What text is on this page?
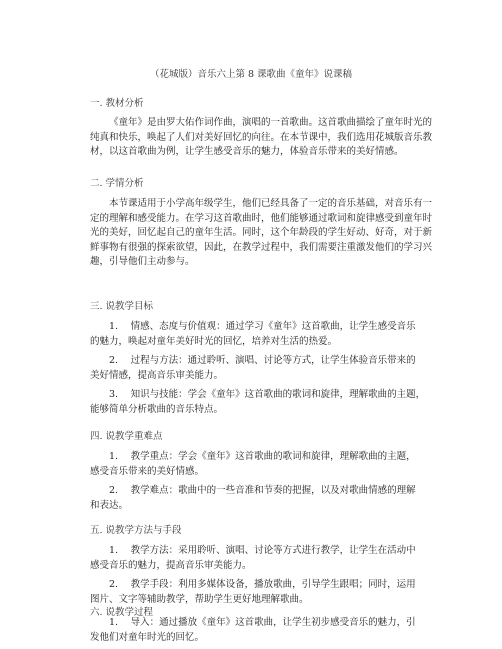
（花城版）音乐六上第 8 课歌曲《童年》说课稿
一. 教材分析
《童年》是由罗大佑作词作曲，演唱的一首歌曲。这首歌曲描绘了童年时光的
纯真和快乐，唤起了人们对美好回忆的向往。在本节课中，我们选用花城版音乐教
材，以这首歌曲为例，让学生感受音乐的魅力，体验音乐带来的美好情感。
二. 学情分析
本节课适用于小学高年级学生，他们已经具备了一定的音乐基础，对音乐有一
定的理解和感受能力。在学习这首歌曲时，他们能够通过歌词和旋律感受到童年时
光的美好，回忆起自己的童年生活。同时，这个年龄段的学生好动、好奇，对于新
鲜事物有很强的探索欲望，因此，在教学过程中，我们需要注重激发他们的学习兴
趣，引导他们主动参与。
三. 说教学目标
1.　 情感、态度与价值观：通过学习《童年》这首歌曲，让学生感受音乐
的魅力，唤起对童年美好时光的回忆，培养对生活的热爱。
2.　 过程与方法：通过聆听、演唱、讨论等方式，让学生体验音乐带来的
美好情感，提高音乐审美能力。
3.　 知识与技能：学会《童年》这首歌曲的歌词和旋律，理解歌曲的主题，
能够简单分析歌曲的音乐特点。
四. 说教学重难点
1.　 教学重点：学会《童年》这首歌曲的歌词和旋律，理解歌曲的主题，
感受音乐带来的美好情感。
2.　 教学难点：歌曲中的一些音准和节奏的把握，以及对歌曲情感的理解
和表达。
五. 说教学方法与手段
1.　 教学方法：采用聆听、演唱、讨论等方式进行教学，让学生在活动中
感受音乐的魅力，提高音乐审美能力。
2.　 教学手段：利用多媒体设备，播放歌曲，引导学生跟唱；同时，运用
图片、文字等辅助教学，帮助学生更好地理解歌曲。
六. 说教学过程
1.　 导入：通过播放《童年》这首歌曲，让学生初步感受音乐的魅力，引
发他们对童年时光的回忆。
